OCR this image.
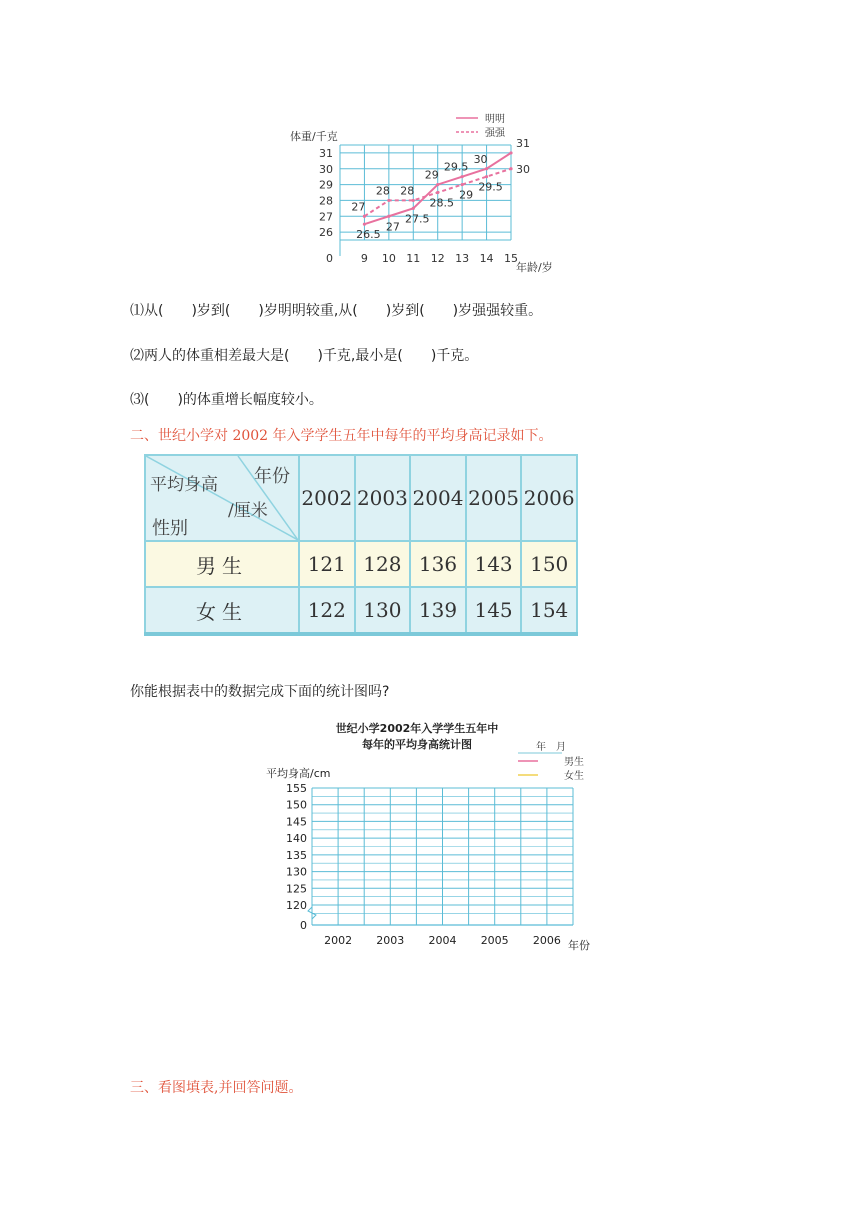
31
30
29
28
27
26
0	9 10 11 12 13 14 15
27
26.5
28
27
28
27.5
29
28.5
29.5
29
30
29.5
31
30
体重/千克
年龄/岁
明明
强强
⑴从(　　)岁到(　　)岁明明较重,从(　　)岁到(　　)岁强强较重。
⑵两人的体重相差最大是(　　)千克,最小是(　　)千克。
⑶(　　)的体重增长幅度较小。
二、世纪小学对 2002 年入学学生五年中每年的平均身高记录如下。
年份
平均身高
/厘米
性别	2002	2003	2004	2005	2006
男生	121	128	136	143	150
女生	122	130	139	145	154
你能根据表中的数据完成下面的统计图吗?
世纪小学2002年入学学生五年中
每年的平均身高统计图	年　月
男生
女生
平均身高/cm
155
150
145
140
135
130
125
120
0
2002 2003 2004 2005 2006 年份
三、看图填表,并回答问题。
